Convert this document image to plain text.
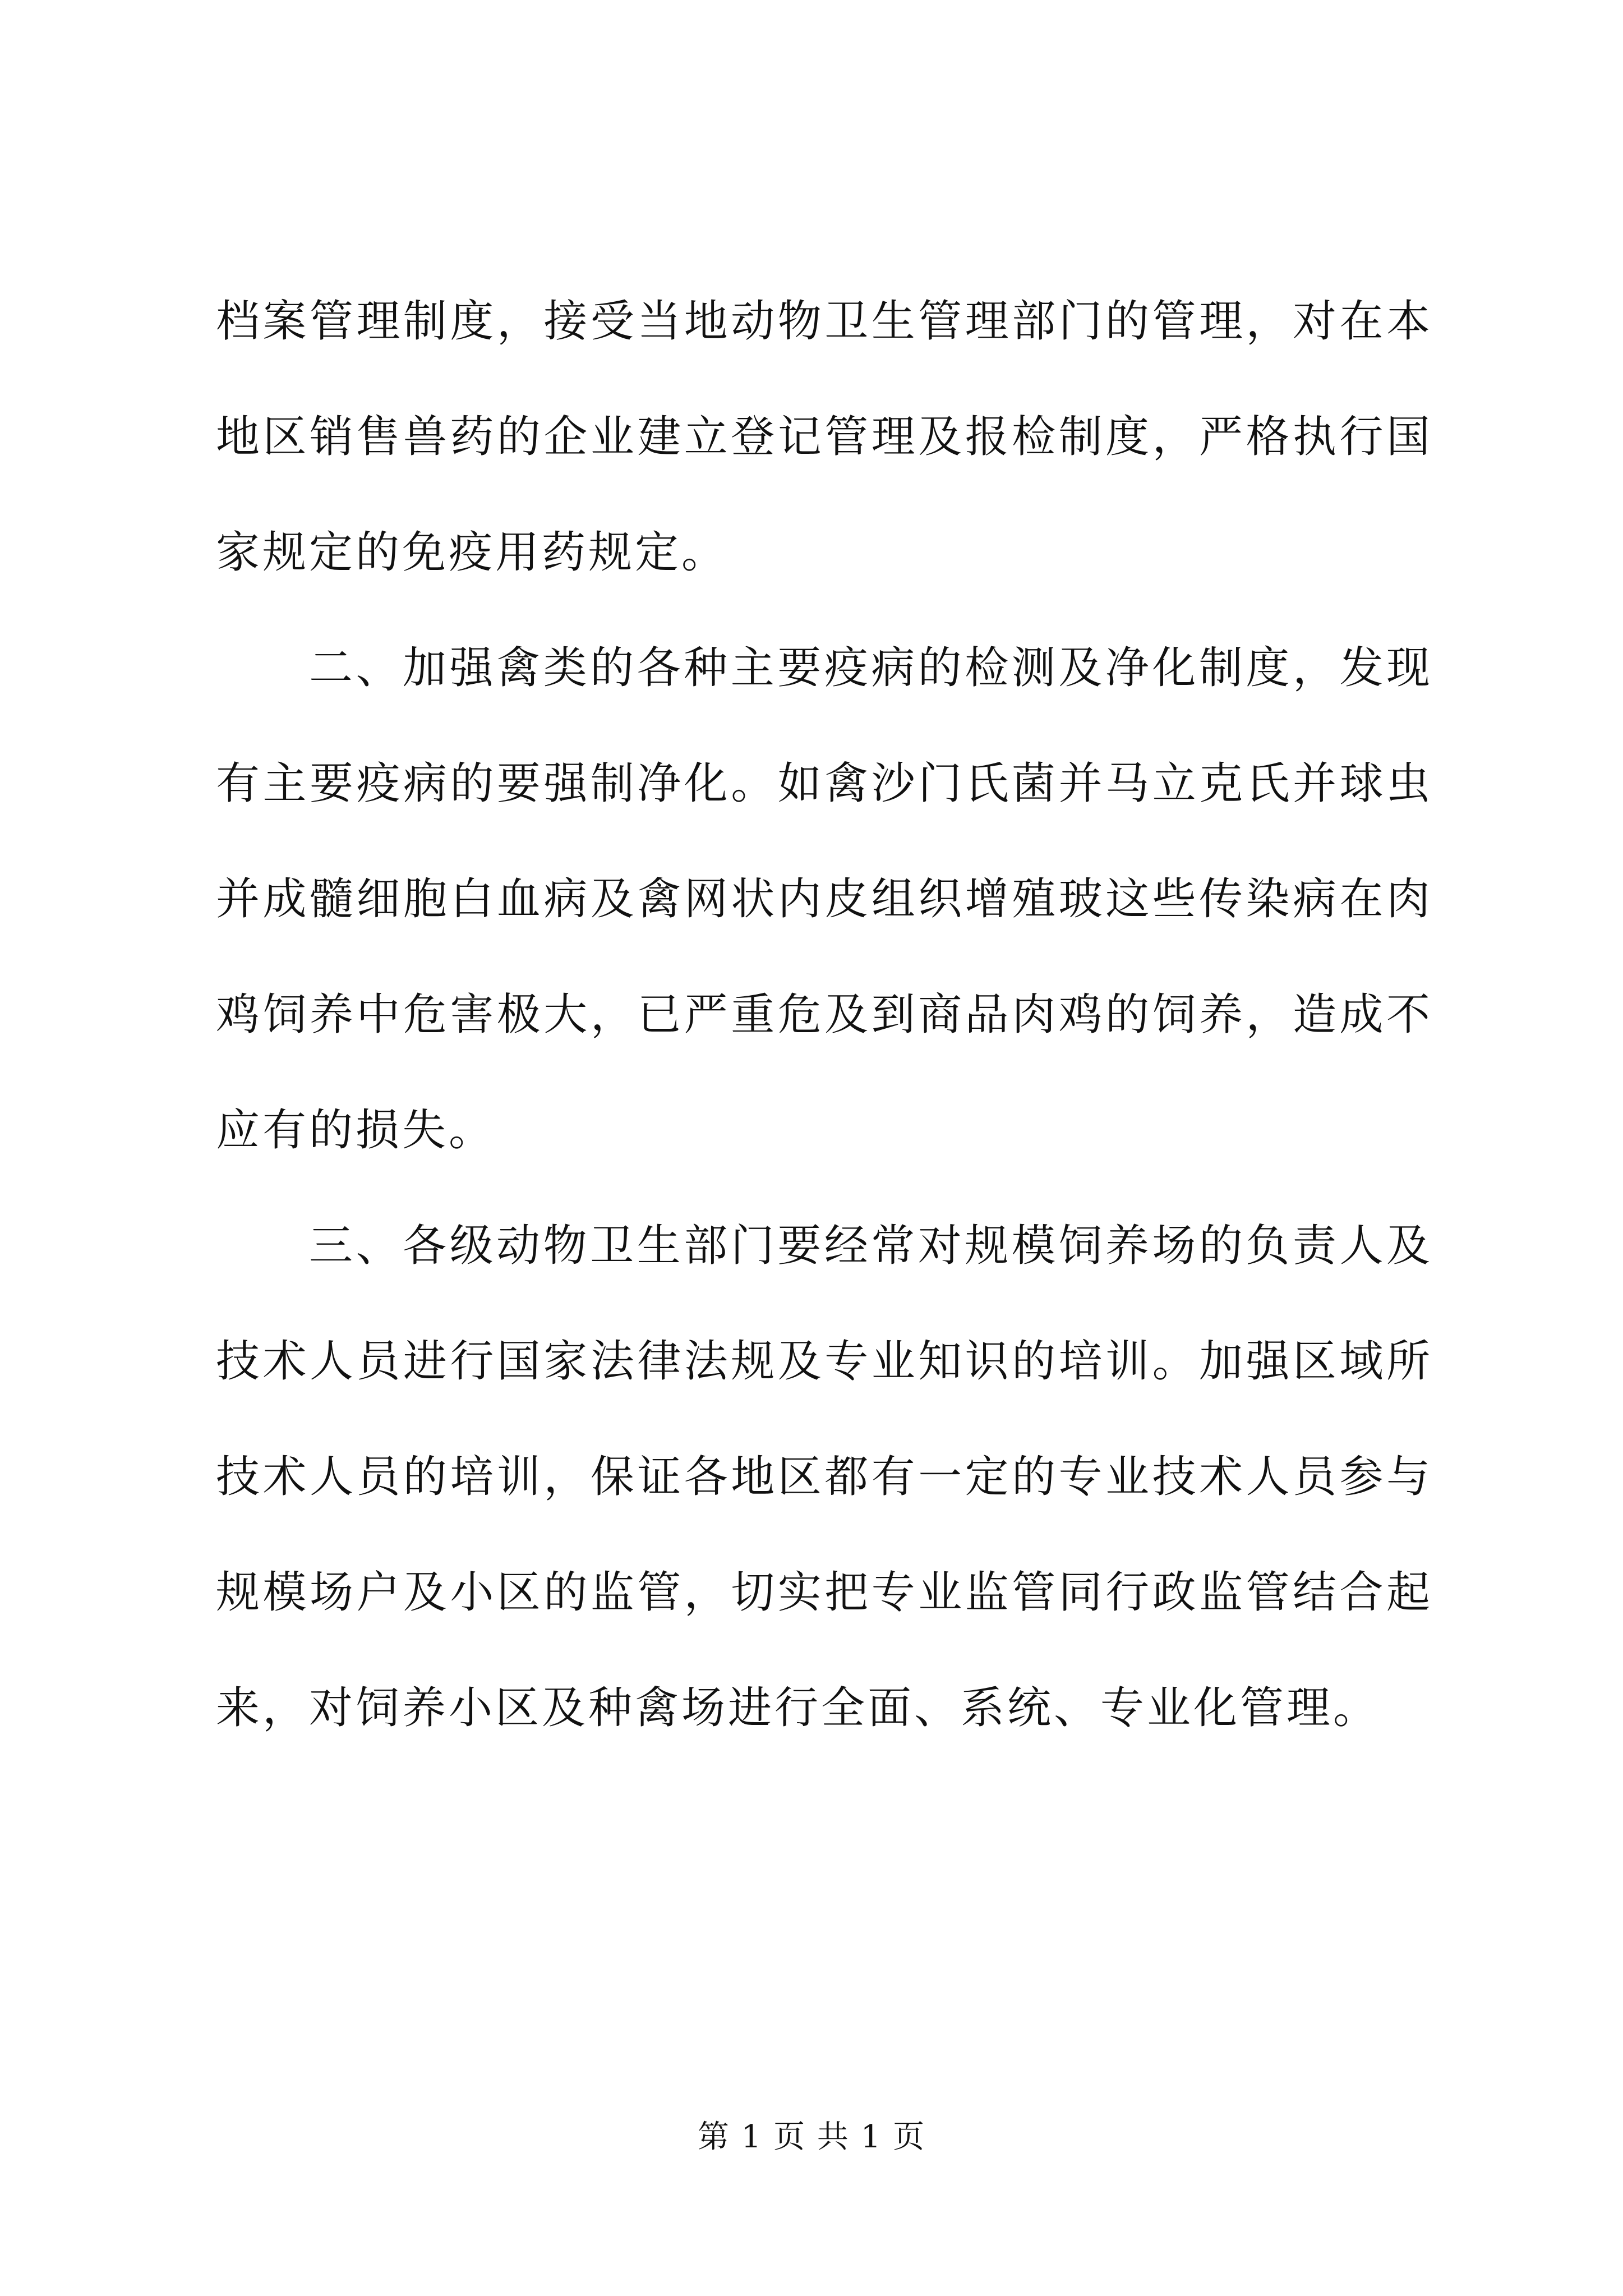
档案管理制度，接受当地动物卫生管理部门的管理，对在本地区销售兽药的企业建立登记管理及报检制度，严格执行国家规定的免疫用药规定。

二、加强禽类的各种主要疫病的检测及净化制度，发现有主要疫病的要强制净化。如禽沙门氏菌并马立克氏并球虫并成髓细胞白血病及禽网状内皮组织增殖玻这些传染病在肉鸡饲养中危害极大，已严重危及到商品肉鸡的饲养，造成不应有的损失。

三、各级动物卫生部门要经常对规模饲养场的负责人及技术人员进行国家法律法规及专业知识的培训。加强区域所技术人员的培训，保证各地区都有一定的专业技术人员参与规模场户及小区的监管，切实把专业监管同行政监管结合起来，对饲养小区及种禽场进行全面、系统、专业化管理。

第 1 页 共 1 页
